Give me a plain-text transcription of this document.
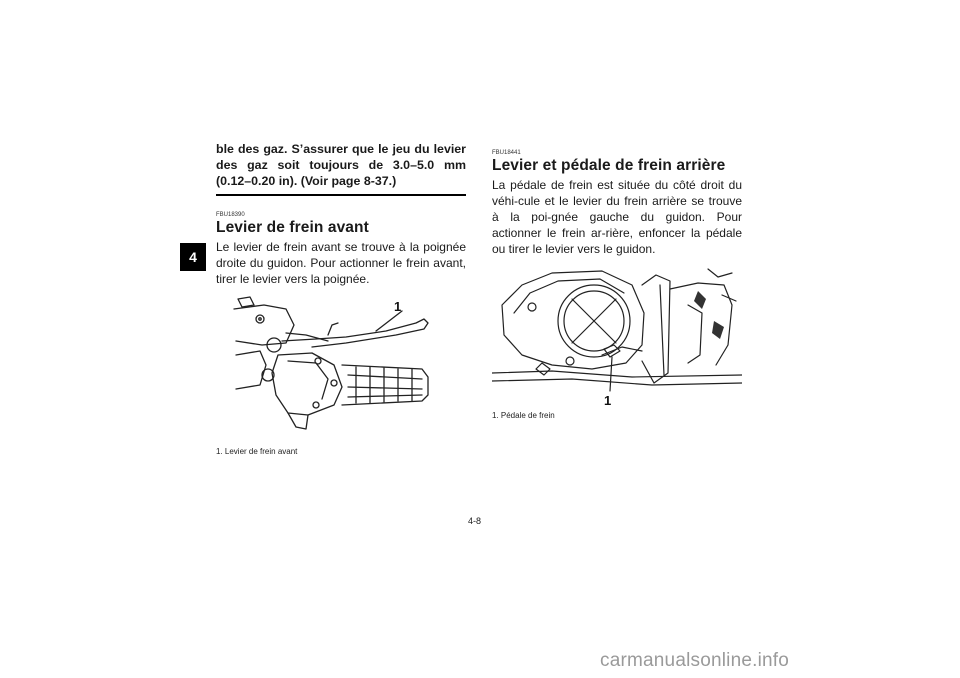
4

ble des gaz. S’assurer que le jeu du levier des gaz soit toujours de 3.0–5.0 mm (0.12–0.20 in). (Voir page 8-37.)

FBU18390

Levier de frein avant

Le levier de frein avant se trouve à la poignée droite du guidon. Pour actionner le frein avant, tirer le levier vers la poignée.

1

1. Levier de frein avant

FBU18441

Levier et pédale de frein arrière

La pédale de frein est située du côté droit du véhi-cule et le levier du frein arrière se trouve à la poi-gnée gauche du guidon. Pour actionner le frein ar-rière, enfoncer la pédale ou tirer le levier vers le guidon.

1

1. Pédale de frein

4-8
carmanualsonline.info
